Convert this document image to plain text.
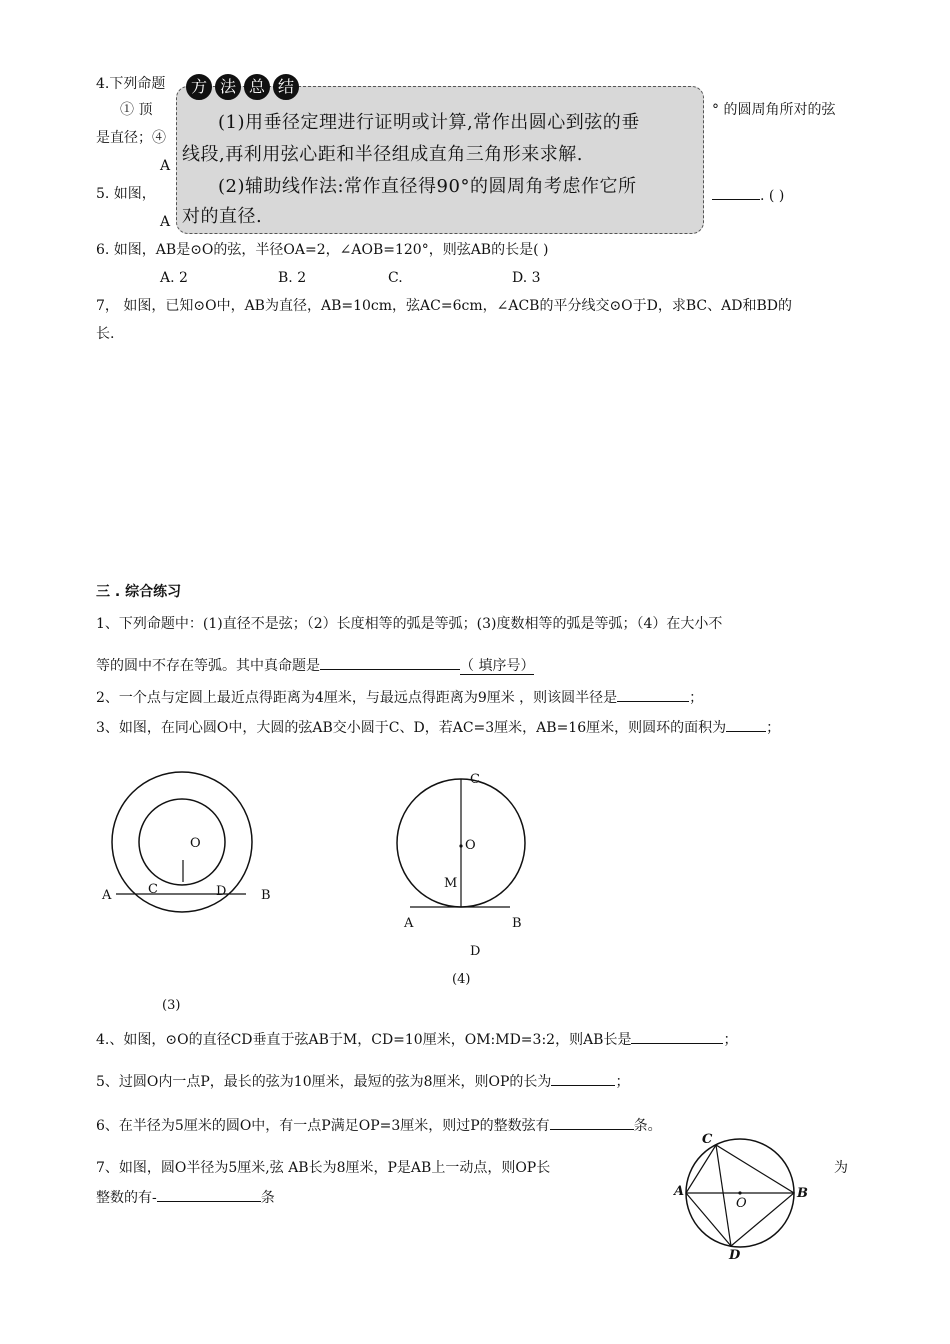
4.下列命题
① 顶	° 的圆周角所对的弦
是直径；④
A
5. 如图，	. ( )
A
6. 如图，AB是⊙O的弦，半径OA=2，∠AOB=120°，则弦AB的长是( )
A. 2	B. 2	C.	D. 3
7， 如图，已知⊙O中，AB为直径，AB=10cm，弦AC=6cm，∠ACB的平分线交⊙O于D，求BC、AD和BD的
长.
方 法 总 结
(1)用垂径定理进行证明或计算,常作出圆心到弦的垂
线段,再利用弦心距和半径组成直角三角形来求解.
(2)辅助线作法:常作直径得90°的圆周角考虑作它所
对的直径.
三 . 综合练习
1、下列命题中：(1)直径不是弦；（2）长度相等的弧是等弧；(3)度数相等的弧是等弧；（4）在大小不
等的圆中不存在等弧。其中真命题是	（ 填序号）
2、一个点与定圆上最近点得距离为4厘米，与最远点得距离为9厘米 ，则该圆半径是	；
3、如图，在同心圆O中，大圆的弦AB交小圆于C、D，若AC=3厘米，AB=16厘米，则圆环的面积为	；
O
C	D
A	B
(3)
C
O
M
A	B
D
(4)
4.、如图，⊙O的直径CD垂直于弦AB于M，CD=10厘米，OM:MD=3:2，则AB长是	；
5、过圆O内一点P，最长的弦为10厘米，最短的弦为8厘米，则OP的长为	；
6、在半径为5厘米的圆O中，有一点P满足OP=3厘米，则过P的整数弦有	条。
7、如图，圆O半径为5厘米,弦 AB长为8厘米，P是AB上一动点，则OP长	为
整数的有-	条
C
A
O
B
D
